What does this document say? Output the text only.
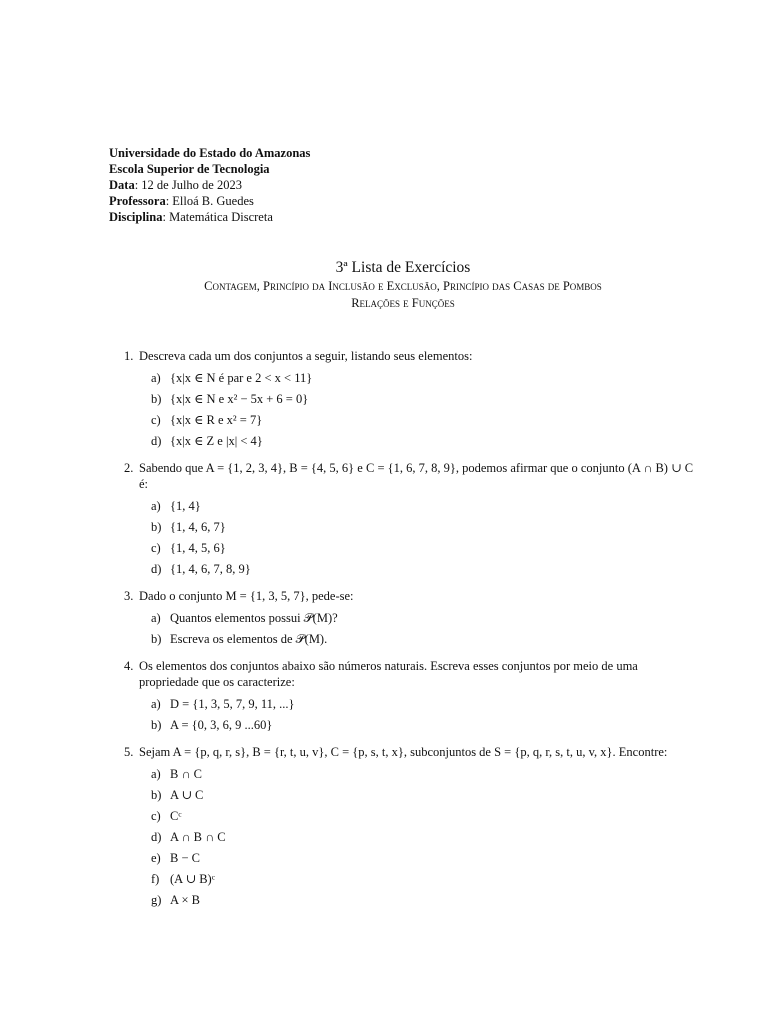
Universidade do Estado do Amazonas
Escola Superior de Tecnologia
Data: 12 de Julho de 2023
Professora: Elloá B. Guedes
Disciplina: Matemática Discreta
3ª Lista de Exercícios
Contagem, Princípio da Inclusão e Exclusão, Princípio das Casas de Pombos
Relações e Funções
1. Descreva cada um dos conjuntos a seguir, listando seus elementos:
a) {x|x ∈ N é par e 2 < x < 11}
b) {x|x ∈ N e x² − 5x + 6 = 0}
c) {x|x ∈ R e x² = 7}
d) {x|x ∈ Z e |x| < 4}
2. Sabendo que A = {1, 2, 3, 4}, B = {4, 5, 6} e C = {1, 6, 7, 8, 9}, podemos afirmar que o conjunto (A ∩ B) ∪ C é:
a) {1, 4}
b) {1, 4, 6, 7}
c) {1, 4, 5, 6}
d) {1, 4, 6, 7, 8, 9}
3. Dado o conjunto M = {1, 3, 5, 7}, pede-se:
a) Quantos elementos possui 𝒫(M)?
b) Escreva os elementos de 𝒫(M).
4. Os elementos dos conjuntos abaixo são números naturais. Escreva esses conjuntos por meio de uma propriedade que os caracterize:
a) D = {1, 3, 5, 7, 9, 11, ...}
b) A = {0, 3, 6, 9 ...60}
5. Sejam A = {p, q, r, s}, B = {r, t, u, v}, C = {p, s, t, x}, subconjuntos de S = {p, q, r, s, t, u, v, x}. Encontre:
a) B ∩ C
b) A ∪ C
c) Cᶜ
d) A ∩ B ∩ C
e) B − C
f) (A ∪ B)ᶜ
g) A × B
